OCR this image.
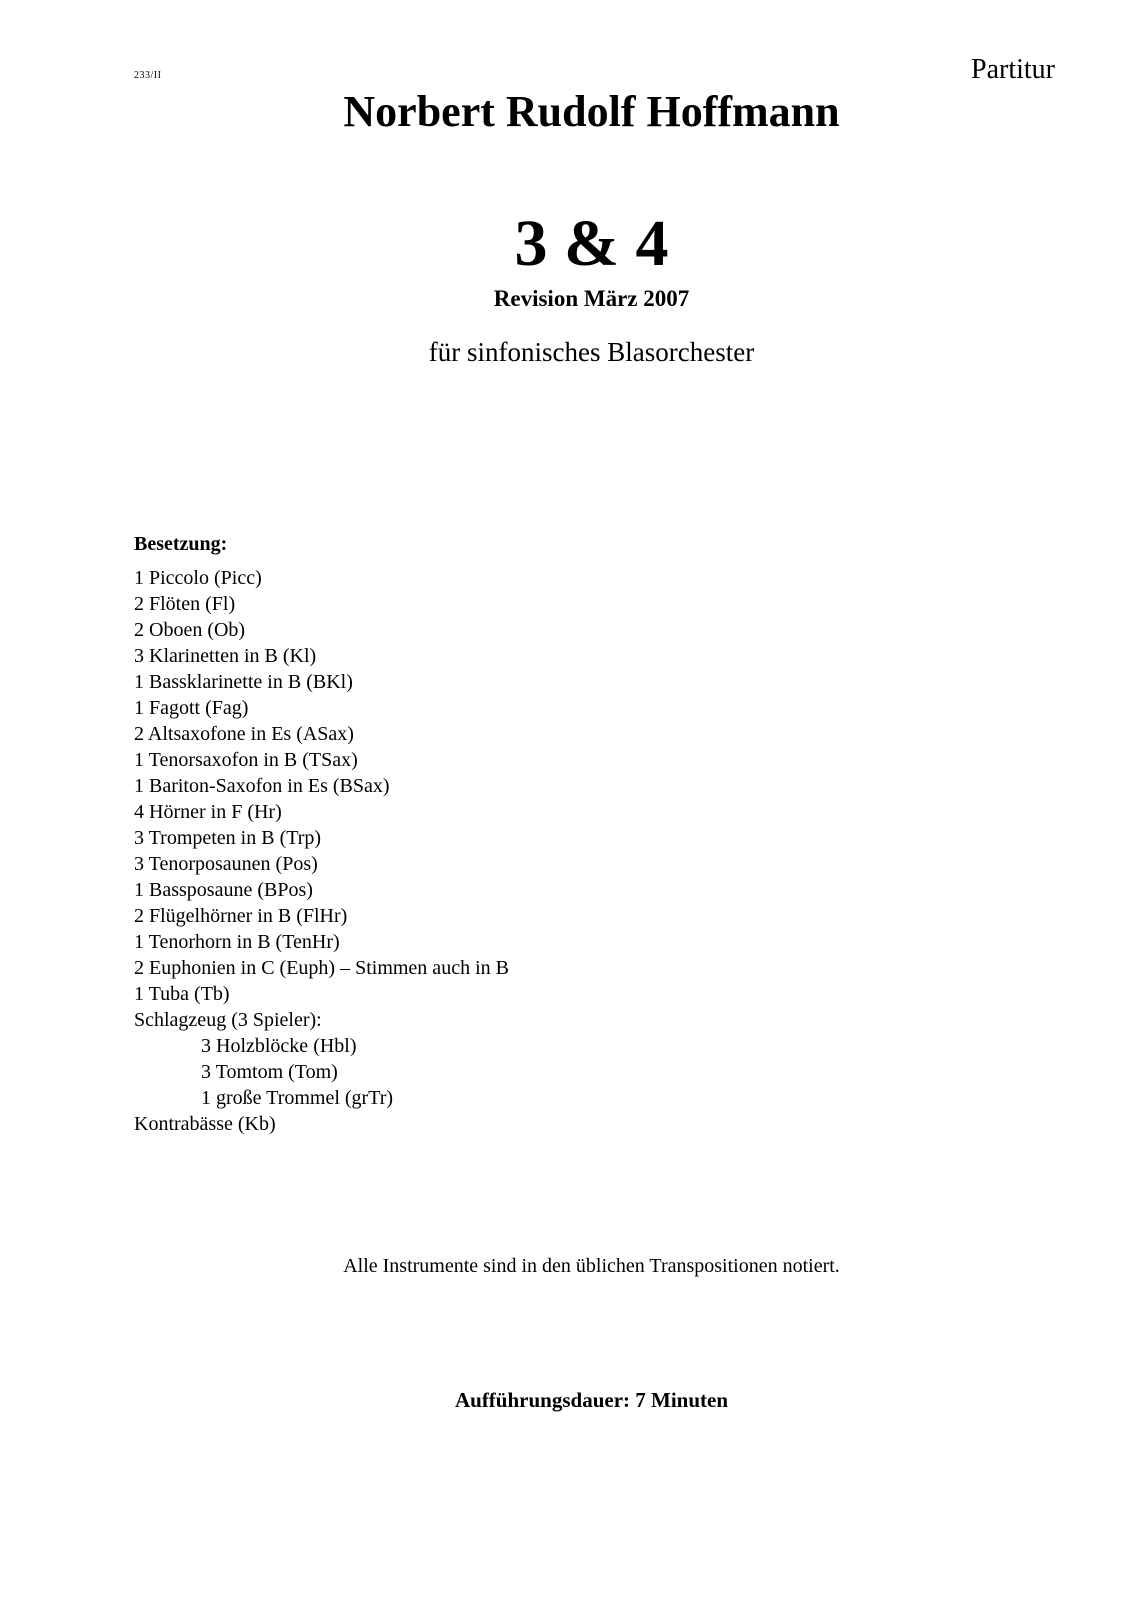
233/II	Partitur
Norbert Rudolf Hoffmann
3 & 4
Revision März 2007
für sinfonisches Blasorchester
Besetzung:
1 Piccolo (Picc)
2 Flöten (Fl)
2 Oboen (Ob)
3 Klarinetten in B (Kl)
1 Bassklarinette in B (BKl)
1 Fagott (Fag)
2 Altsaxofone in Es (ASax)
1 Tenorsaxofon in B (TSax)
1 Bariton-Saxofon in Es (BSax)
4 Hörner in F (Hr)
3 Trompeten in B (Trp)
3 Tenorposaunen (Pos)
1 Bassposaune (BPos)
2 Flügelhörner in B (FlHr)
1 Tenorhorn in B (TenHr)
2 Euphonien in C (Euph) – Stimmen auch in B
1 Tuba (Tb)
Schlagzeug (3 Spieler):
3 Holzblöcke (Hbl)
3 Tomtom (Tom)
1 große Trommel (grTr)
Kontrabässe (Kb)
Alle Instrumente sind in den üblichen Transpositionen notiert.
Aufführungsdauer: 7 Minuten
